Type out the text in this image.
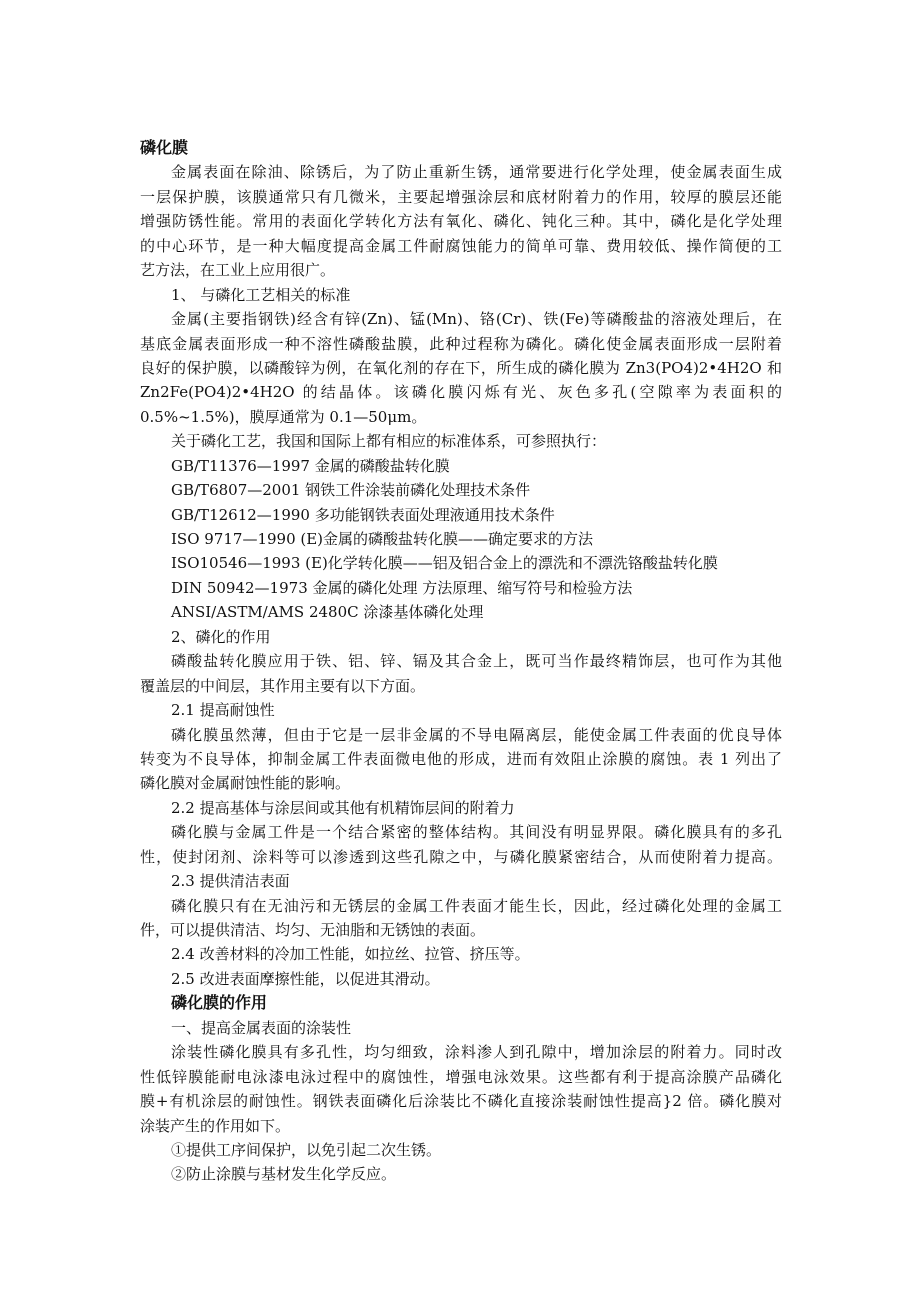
磷化膜
金属表面在除油、除锈后，为了防止重新生锈，通常要进行化学处理，使金属表面生成
一层保护膜，该膜通常只有几微米，主要起增强涂层和底材附着力的作用，较厚的膜层还能
增强防锈性能。常用的表面化学转化方法有氧化、磷化、钝化三种。其中，磷化是化学处理
的中心环节，是一种大幅度提高金属工件耐腐蚀能力的简单可靠、费用较低、操作简便的工
艺方法，在工业上应用很广。
1、 与磷化工艺相关的标准
金属(主要指钢铁)经含有锌(Zn)、锰(Mn)、铬(Cr)、铁(Fe)等磷酸盐的溶液处理后，在
基底金属表面形成一种不溶性磷酸盐膜，此种过程称为磷化。磷化使金属表面形成一层附着
良好的保护膜，以磷酸锌为例，在氧化剂的存在下，所生成的磷化膜为 Zn3(PO4)2•4H2O 和
Zn2Fe(PO4)2•4H2O 的结晶体。该磷化膜闪烁有光、灰色多孔(空隙率为表面积的
0.5%~1.5%)，膜厚通常为 0.1—50μm。
关于磷化工艺，我国和国际上都有相应的标准体系，可参照执行：
GB/T11376—1997 金属的磷酸盐转化膜
GB/T6807—2001 钢铁工件涂装前磷化处理技术条件
GB/T12612—1990 多功能钢铁表面处理液通用技术条件
ISO 9717—1990 (E)金属的磷酸盐转化膜——确定要求的方法
ISO10546—1993 (E)化学转化膜——铝及铝合金上的漂洗和不漂洗铬酸盐转化膜
DIN 50942—1973 金属的磷化处理 方法原理、缩写符号和检验方法
ANSI/ASTM/AMS 2480C 涂漆基体磷化处理
2、磷化的作用
磷酸盐转化膜应用于铁、铝、锌、镉及其合金上，既可当作最终精饰层，也可作为其他
覆盖层的中间层，其作用主要有以下方面。
2.1 提高耐蚀性
磷化膜虽然薄，但由于它是一层非金属的不导电隔离层，能使金属工件表面的优良导体
转变为不良导体，抑制金属工件表面微电他的形成，进而有效阻止涂膜的腐蚀。表 1 列出了
磷化膜对金属耐蚀性能的影响。
2.2 提高基体与涂层间或其他有机精饰层间的附着力
磷化膜与金属工件是一个结合紧密的整体结构。其间没有明显界限。磷化膜具有的多孔
性，使封闭剂、涂料等可以渗透到这些孔隙之中，与磷化膜紧密结合，从而使附着力提高。
2.3 提供清洁表面
磷化膜只有在无油污和无锈层的金属工件表面才能生长，因此，经过磷化处理的金属工
件，可以提供清洁、均匀、无油脂和无锈蚀的表面。
2.4 改善材料的冷加工性能，如拉丝、拉管、挤压等。
2.5 改进表面摩擦性能，以促进其滑动。
磷化膜的作用
一、提高金属表面的涂装性
涂装性磷化膜具有多孔性，均匀细致，涂料渗人到孔隙中，增加涂层的附着力。同时改
性低锌膜能耐电泳漆电泳过程中的腐蚀性，增强电泳效果。这些都有利于提高涂膜产品磷化
膜+有机涂层的耐蚀性。钢铁表面磷化后涂装比不磷化直接涂装耐蚀性提高}2 倍。磷化膜对
涂装产生的作用如下。
①提供工序间保护，以免引起二次生锈。
②防止涂膜与基材发生化学反应。
